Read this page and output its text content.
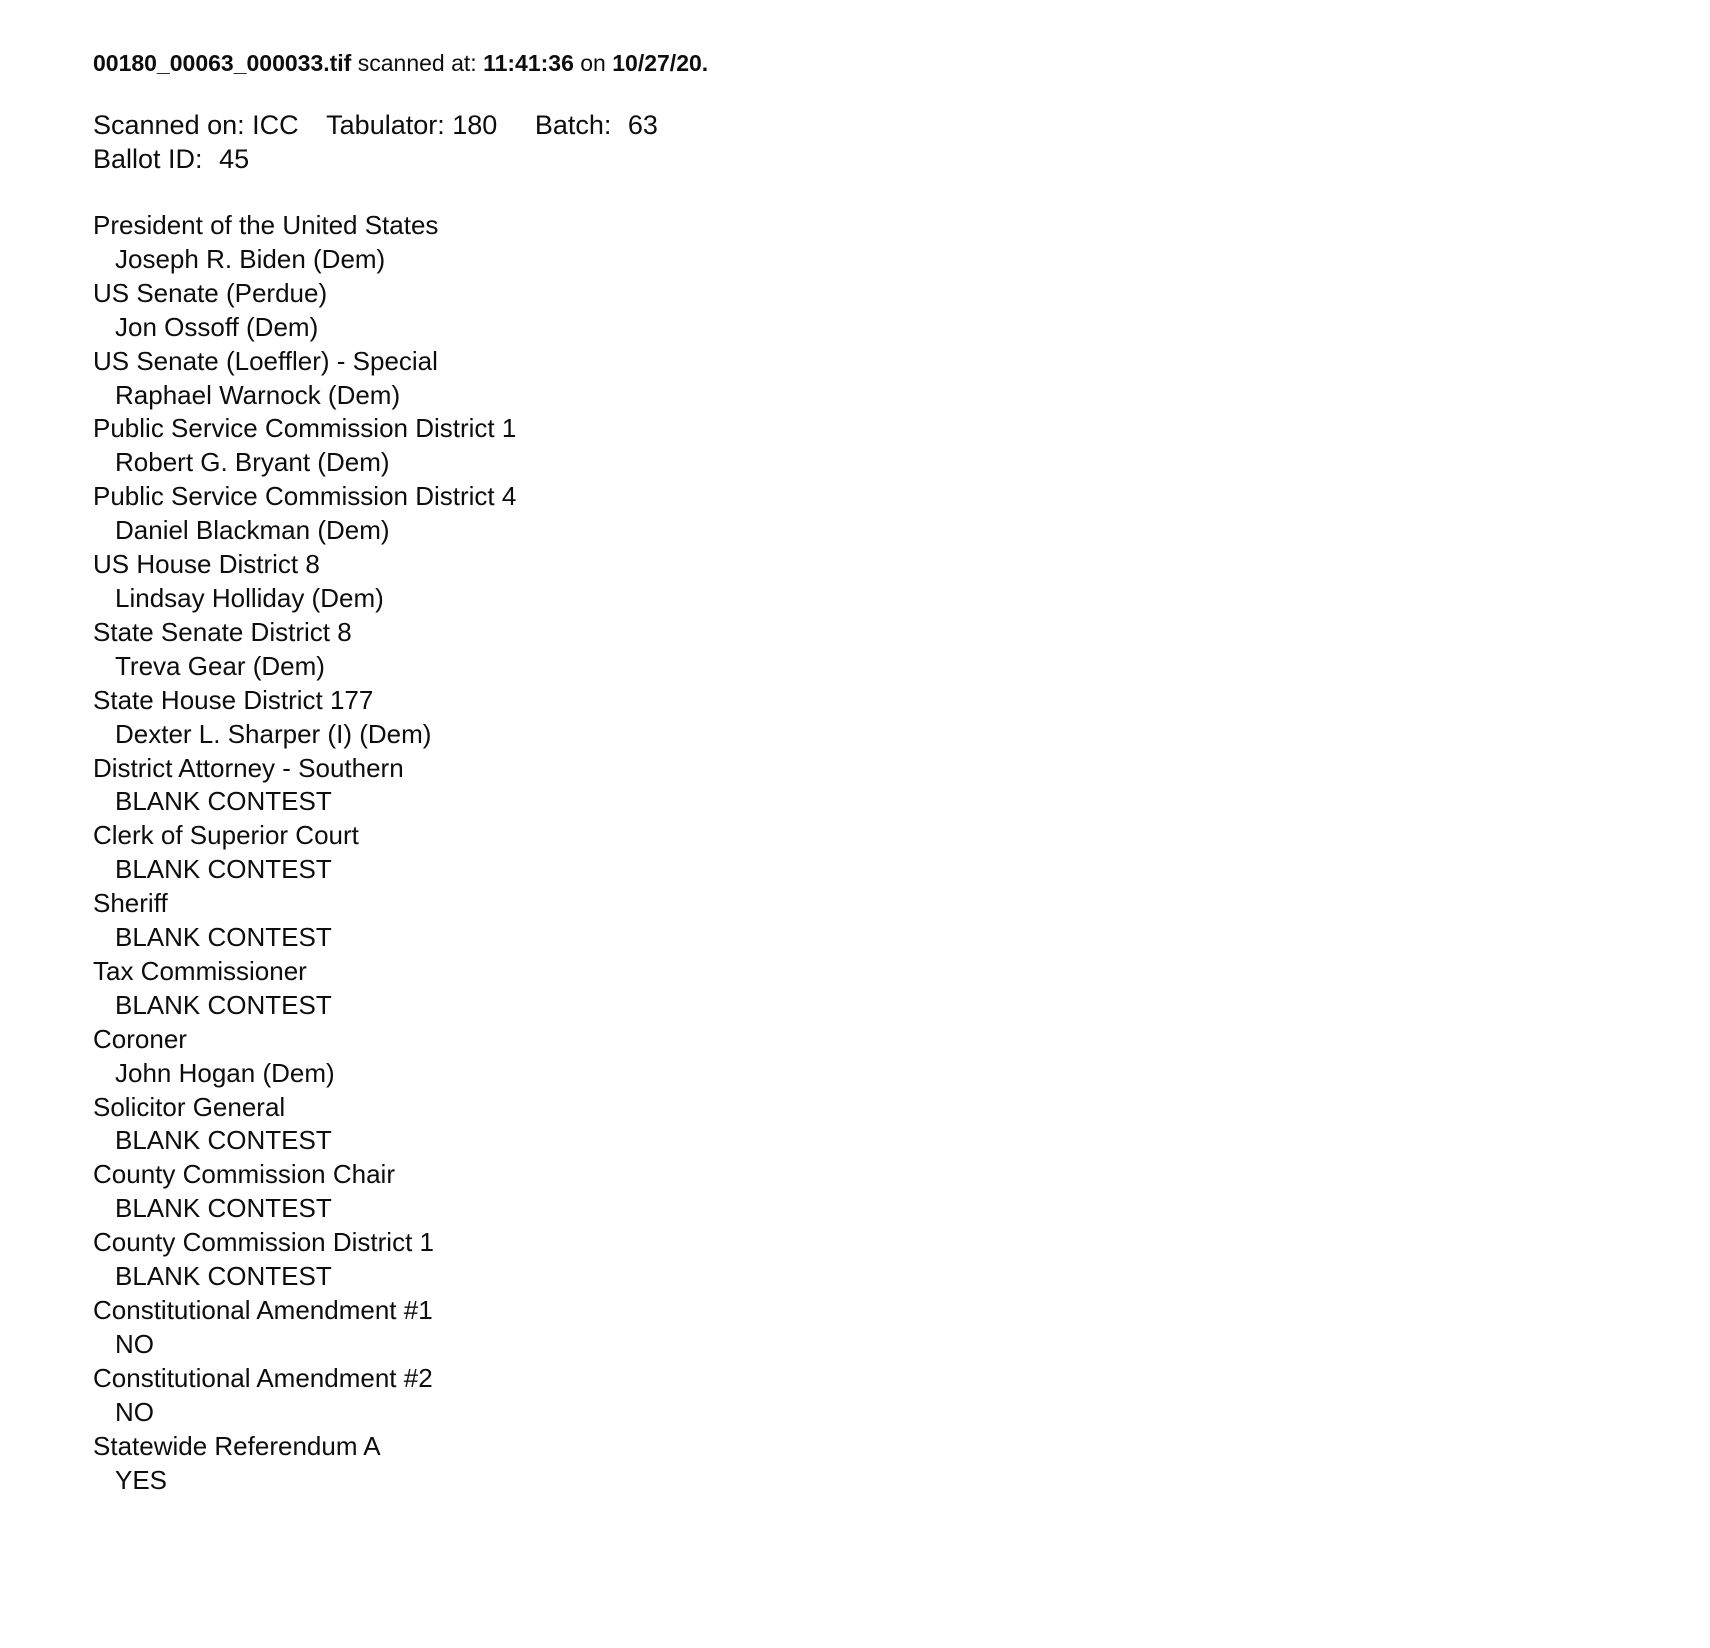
00180_00063_000033.tif scanned at: 11:41:36 on 10/27/20.
Scanned on: ICC Tabulator: 180 Batch: 63
Ballot ID: 45
President of the United States
Joseph R. Biden (Dem)
US Senate (Perdue)
Jon Ossoff (Dem)
US Senate (Loeffler) - Special
Raphael Warnock (Dem)
Public Service Commission District 1
Robert G. Bryant (Dem)
Public Service Commission District 4
Daniel Blackman (Dem)
US House District 8
Lindsay Holliday (Dem)
State Senate District 8
Treva Gear (Dem)
State House District 177
Dexter L. Sharper (I) (Dem)
District Attorney - Southern
BLANK CONTEST
Clerk of Superior Court
BLANK CONTEST
Sheriff
BLANK CONTEST
Tax Commissioner
BLANK CONTEST
Coroner
John Hogan (Dem)
Solicitor General
BLANK CONTEST
County Commission Chair
BLANK CONTEST
County Commission District 1
BLANK CONTEST
Constitutional Amendment #1
NO
Constitutional Amendment #2
NO
Statewide Referendum A
YES
